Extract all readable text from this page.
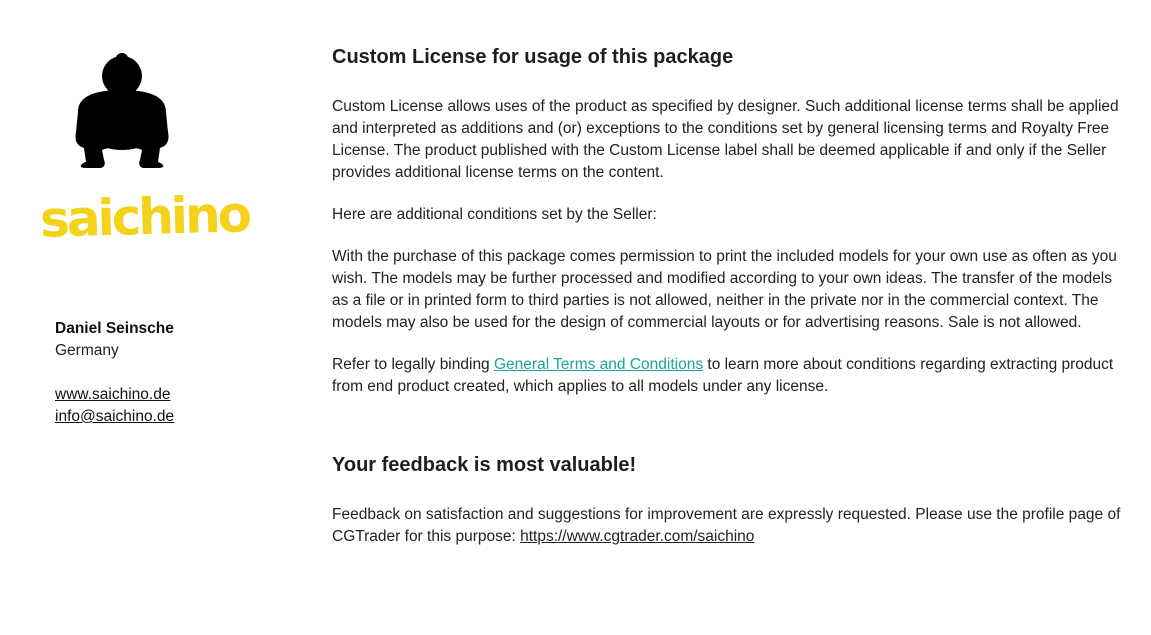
saichino
Daniel Seinsche
Germany
www.saichino.de
info@saichino.de
Custom License for usage of this package

Custom License allows uses of the product as specified by designer. Such additional license terms shall be applied and interpreted as additions and (or) exceptions to the conditions set by general licensing terms and Royalty Free License. The product published with the Custom License label shall be deemed applicable if and only if the Seller provides additional license terms on the content.

Here are additional conditions set by the Seller:

With the purchase of this package comes permission to print the included models for your own use as often as you wish. The models may be further processed and modified according to your own ideas. The transfer of the models as a file or in printed form to third parties is not allowed, neither in the private nor in the commercial context. The models may also be used for the design of commercial layouts or for advertising reasons. Sale is not allowed.

Refer to legally binding General Terms and Conditions to learn more about conditions regarding extracting product from end product created, which applies to all models under any license.

Your feedback is most valuable!

Feedback on satisfaction and suggestions for improvement are expressly requested. Please use the profile page of CGTrader for this purpose: https://www.cgtrader.com/saichino
